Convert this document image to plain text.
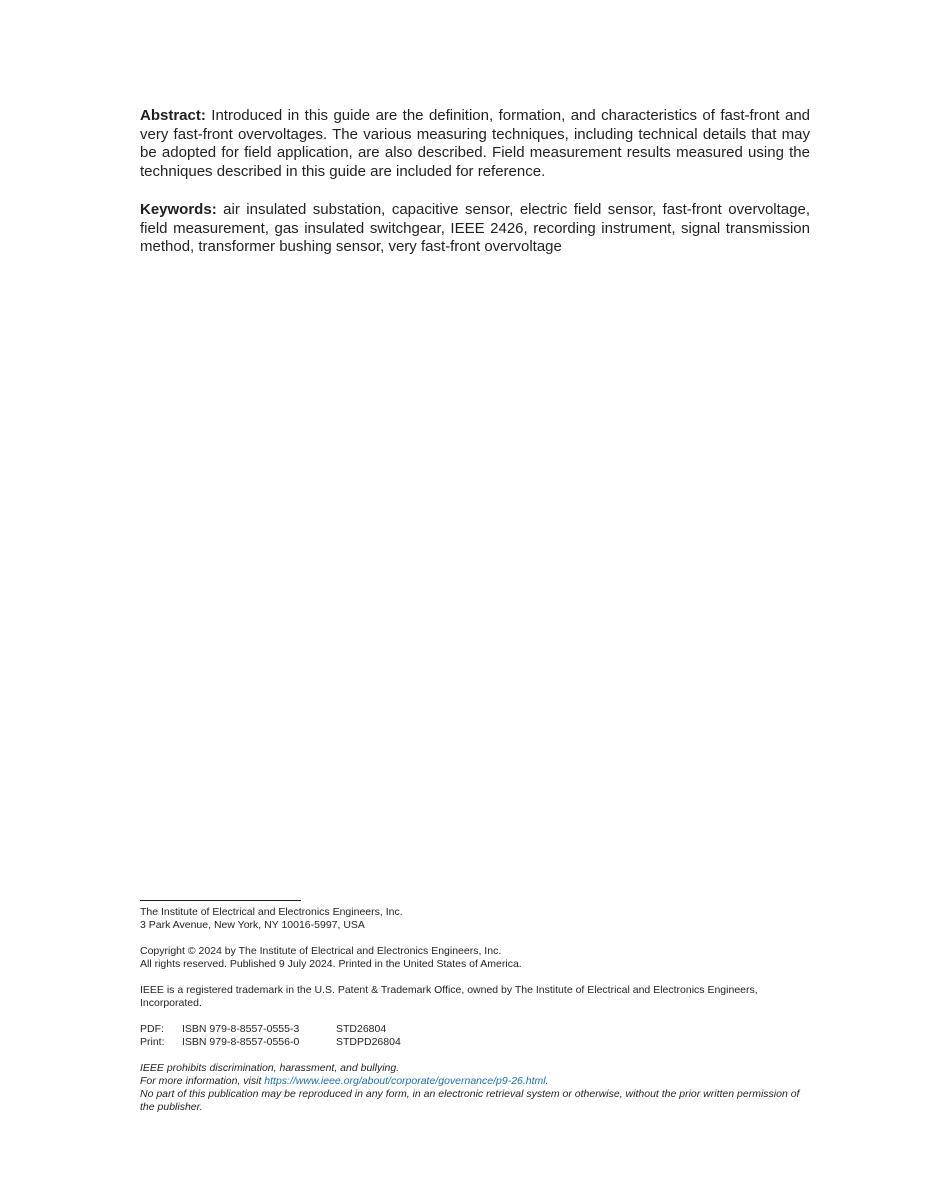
Abstract: Introduced in this guide are the definition, formation, and characteristics of fast-front and very fast-front overvoltages. The various measuring techniques, including technical details that may be adopted for field application, are also described. Field measurement results measured using the techniques described in this guide are included for reference.

Keywords: air insulated substation, capacitive sensor, electric field sensor, fast-front overvoltage, field measurement, gas insulated switchgear, IEEE 2426, recording instrument, signal transmission method, transformer bushing sensor, very fast-front overvoltage

The Institute of Electrical and Electronics Engineers, Inc.
3 Park Avenue, New York, NY 10016-5997, USA
Copyright © 2024 by The Institute of Electrical and Electronics Engineers, Inc.
All rights reserved. Published 9 July 2024. Printed in the United States of America.
IEEE is a registered trademark in the U.S. Patent & Trademark Office, owned by The Institute of Electrical and Electronics Engineers, Incorporated.
PDF:	ISBN 979-8-8557-0555-3	STD26804
Print:	ISBN 979-8-8557-0556-0	STDPD26804

IEEE prohibits discrimination, harassment, and bullying.

For more information, visit https://www.ieee.org/about/corporate/governance/p9-26.html.

No part of this publication may be reproduced in any form, in an electronic retrieval system or otherwise, without the prior written permission of the publisher.
